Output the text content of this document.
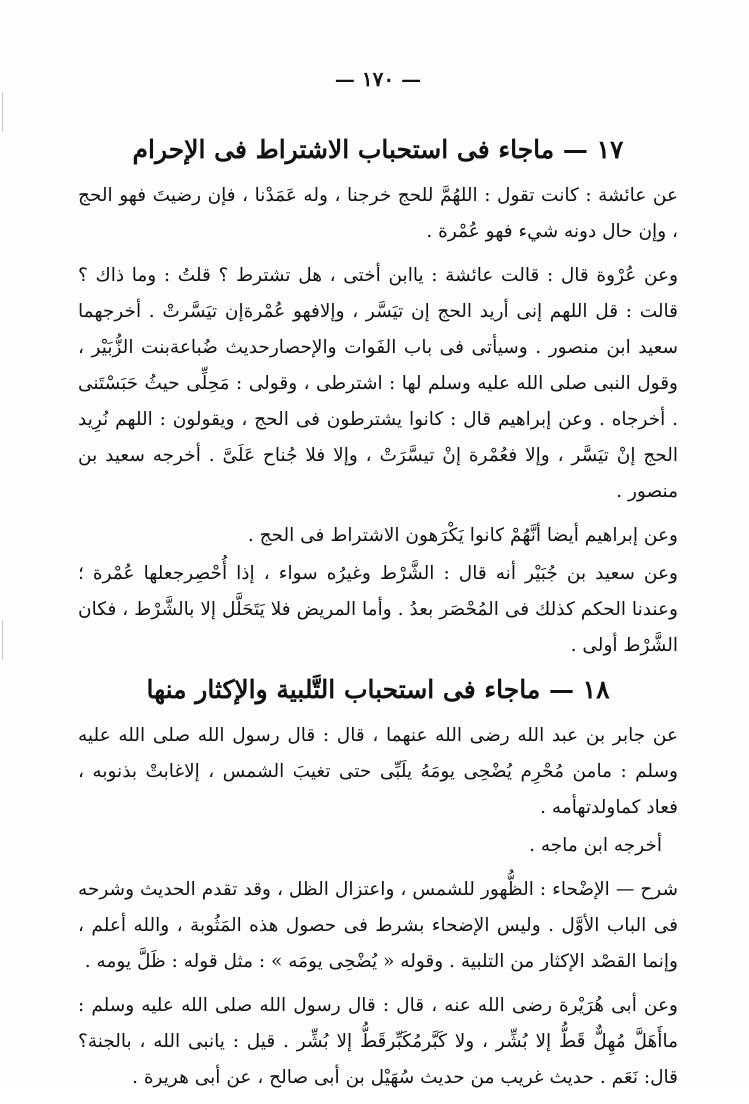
— ١٧٠ —
١٧ — ماجاء فى استحباب الاشتراط فى الإحرام

عن عائشة : كانت تقول : اللهُمَّ للحج خرجنا ، وله عَمَدْنا ، فإن رضيتَ فهو الحج ، وإن حال دونه شيء فهو عُمْرة .

وعن عُرْوة قال : قالت عائشة : ياابن أختى ، هل تشترط ؟ قلتُ : وما ذاك ؟ قالت : قل اللهم إنى أريد الحج إن تيَسَّر ، وإلافهو عُمْرةإن تيَسَّرتْ . أخرجهما سعيد ابن منصور . وسيأتى فى باب الفَوات والإحصارحديث ضُباعةبنت الزُّبَيْر ، وقول النبى صلى الله عليه وسلم لها : اشترطى ، وقولى : مَحِلِّى حيثُ حَبَسْتَنى . أخرجاه . وعن إبراهيم قال : كانوا يشترطون فى الحج ، ويقولون : اللهم نُرِيد الحج إنْ تيَسَّر ، وإلا فعُمْرة إنْ تيسَّرَتْ ، وإلا فلا جُناح عَلَىَّ . أخرجه سعيد بن منصور .

وعن إبراهيم أيضا أنَّهُمْ كانوا يَكْرَهون الاشتراط فى الحج .

وعن سعيد بن جُبَيْر أنه قال : الشَّرْط وغيرُه سواء ، إذا أُحْصِرجعلها عُمْرة ؛ وعندنا الحكم كذلك فى المُحْصَر بعدُ . وأما المريض فلا يَتَحَلَّل إلا بالشَّرْط ، فكان الشَّرْط أولى .

١٨ — ماجاء فى استحباب التَّلبية والإكثار منها

عن جابر بن عبد الله رضى الله عنهما ، قال : قال رسول الله صلى الله عليه وسلم : مامن مُحْرِم يُضْحِى يومَهُ يلَبِّى حتى تغيبَ الشمس ، إلاغابتْ بذنوبه ، فعاد كماولدتهأمه .

أخرجه ابن ماجه .

شرح — الإضْحاء : الظُّهور للشمس ، واعتزال الظل ، وقد تقدم الحديث وشرحه فى الباب الأوَّل . وليس الإضحاء بشرط فى حصول هذه المَثُوبة ، والله أعلم ، وإنما القصْد الإكثار من التلبية . وقوله « يُضْحِى يومَه » : مثل قوله : ظَلَّ يومه .

وعن أبى هُرَيْرة رضى الله عنه ، قال : قال رسول الله صلى الله عليه وسلم : ماأَهَلَّ مُهِلٌّ قَطُّ إلا بُشِّر ، ولا كَبَّرمُكَبِّرقَطُّ إلا بُشِّر . قيل : يانبى الله ، بالجنة؟ قال: نَعَم . حديث غريب من حديث سُهَيْل بن أبى صالح ، عن أبى هريرة .
